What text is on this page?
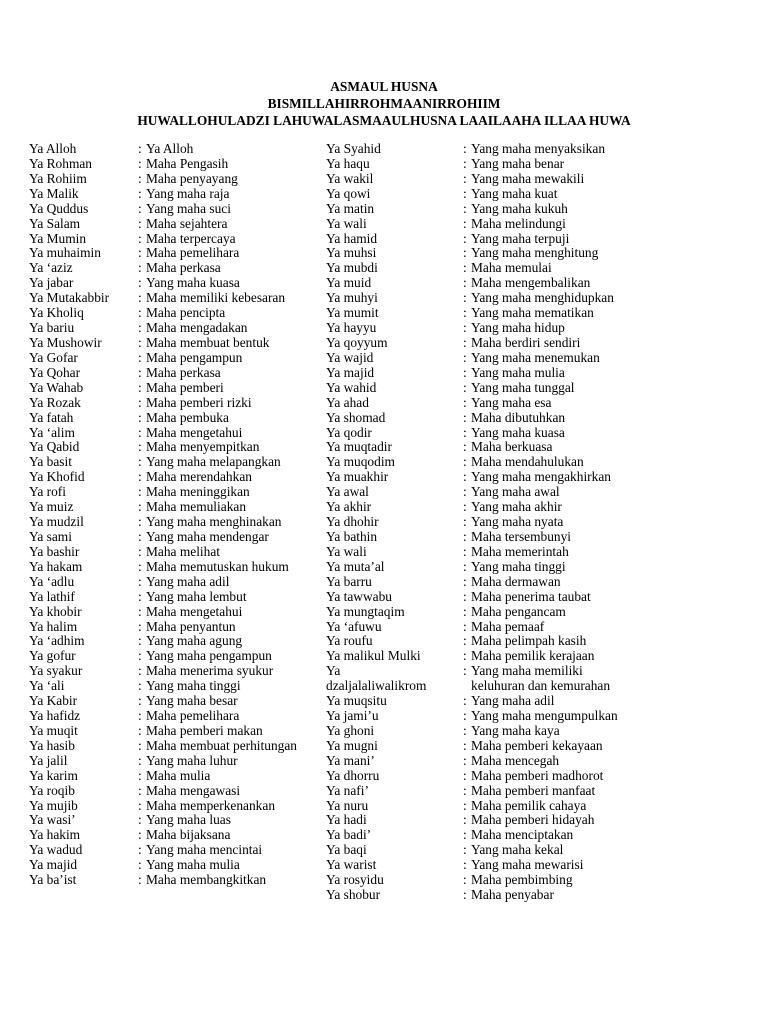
ASMAUL HUSNA
BISMILLAHIRROHMAANIRROHIIM
HUWALLOHULADZI LAHUWALASMAAULHUSNA LAAILAAHA ILLAA HUWA
Ya Alloh	: Ya Alloh
Ya Rohman	: Maha Pengasih
Ya Rohiim	: Maha penyayang
Ya Malik	: Yang maha raja
Ya Quddus	: Yang maha suci
Ya Salam	: Maha sejahtera
Ya Mumin	: Maha terpercaya
Ya muhaimin	: Maha pemelihara
Ya ‘aziz	: Maha perkasa
Ya jabar	: Yang maha kuasa
Ya Mutakabbir : Maha memiliki kebesaran
Ya Kholiq	: Maha pencipta
Ya bariu	: Maha mengadakan
Ya Mushowir	: Maha membuat bentuk
Ya Gofar	: Maha pengampun
Ya Qohar	: Maha perkasa
Ya Wahab	: Maha pemberi
Ya Rozak	: Maha pemberi rizki
Ya fatah	: Maha pembuka
Ya ‘alim	: Maha mengetahui
Ya Qabid	: Maha menyempitkan
Ya basit	: Yang maha melapangkan
Ya Khofid	: Maha merendahkan
Ya rofi	: Maha meninggikan
Ya muiz	: Maha memuliakan
Ya mudzil	: Yang maha menghinakan
Ya sami	: Yang maha mendengar
Ya bashir	: Maha melihat
Ya hakam	: Maha memutuskan hukum
Ya ‘adlu	: Yang maha adil
Ya lathif	: Yang maha lembut
Ya khobir	: Maha mengetahui
Ya halim	: Maha penyantun
Ya ‘adhim	: Yang maha agung
Ya gofur	: Yang maha pengampun
Ya syakur	: Maha menerima syukur
Ya ‘ali	: Yang maha tinggi
Ya Kabir	: Yang maha besar
Ya hafidz	: Maha pemelihara
Ya muqit	: Maha pemberi makan
Ya hasib	: Maha membuat perhitungan
Ya jalil	: Yang maha luhur
Ya karim	: Maha mulia
Ya roqib	: Maha mengawasi
Ya mujib	: Maha memperkenankan
Ya wasi’	: Yang maha luas
Ya hakim	: Maha bijaksana
Ya wadud	: Yang maha mencintai
Ya majid	: Yang maha mulia
Ya ba’ist	: Maha membangkitkan
Ya Syahid	: Yang maha menyaksikan
Ya haqu	: Yang maha benar
Ya wakil	: Yang maha mewakili
Ya qowi	: Yang maha kuat
Ya matin	: Yang maha kukuh
Ya wali	: Maha melindungi
Ya hamid	: Yang maha terpuji
Ya muhsi	: Yang maha menghitung
Ya mubdi	: Maha memulai
Ya muid	: Maha mengembalikan
Ya muhyi	: Yang maha menghidupkan
Ya mumit	: Yang maha mematikan
Ya hayyu	: Yang maha hidup
Ya qoyyum	: Maha berdiri sendiri
Ya wajid	: Yang maha menemukan
Ya majid	: Yang maha mulia
Ya wahid	: Yang maha tunggal
Ya ahad	: Yang maha esa
Ya shomad	: Maha dibutuhkan
Ya qodir	: Yang maha kuasa
Ya muqtadir	: Maha berkuasa
Ya muqodim	: Maha mendahulukan
Ya muakhir	: Yang maha mengakhirkan
Ya awal	: Yang maha awal
Ya akhir	: Yang maha akhir
Ya dhohir	: Yang maha nyata
Ya bathin	: Maha tersembunyi
Ya wali	: Maha memerintah
Ya muta’al	: Yang maha tinggi
Ya barru	: Maha dermawan
Ya tawwabu	: Maha penerima taubat
Ya mungtaqim	: Maha pengancam
Ya ‘afuwu	: Maha pemaaf
Ya roufu	: Maha pelimpah kasih
Ya malikul Mulki	: Maha pemilik kerajaan
Ya	: Yang maha memiliki
dzaljalaliwalikrom	keluhuran dan kemurahan
Ya muqsitu	: Yang maha adil
Ya jami’u	: Yang maha mengumpulkan
Ya ghoni	: Yang maha kaya
Ya mugni	: Maha pemberi kekayaan
Ya mani’	: Maha mencegah
Ya dhorru	: Maha pemberi madhorot
Ya nafi’	: Maha pemberi manfaat
Ya nuru	: Maha pemilik cahaya
Ya hadi	: Maha pemberi hidayah
Ya badi’	: Maha menciptakan
Ya baqi	: Yang maha kekal
Ya warist	: Yang maha mewarisi
Ya rosyidu	: Maha pembimbing
Ya shobur	: Maha penyabar
